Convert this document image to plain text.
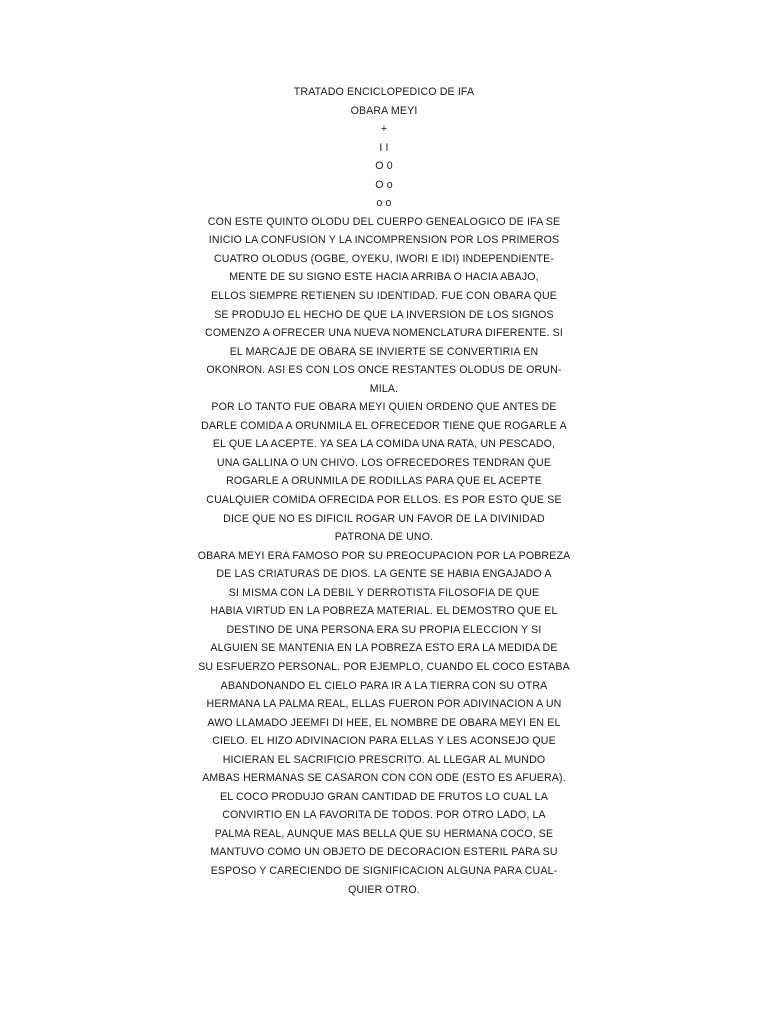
TRATADO ENCICLOPEDICO DE IFA
OBARA MEYI
+
I I
O 0
O o
o o
CON ESTE QUINTO OLODU DEL CUERPO GENEALOGICO DE IFA SE
INICIO LA CONFUSION Y LA INCOMPRENSION POR LOS PRIMEROS
CUATRO OLODUS (OGBE, OYEKU, IWORI E IDI) INDEPENDIENTE-
MENTE DE SU SIGNO ESTE HACIA ARRIBA O HACIA ABAJO,
ELLOS SIEMPRE RETIENEN SU IDENTIDAD. FUE CON OBARA QUE
SE PRODUJO EL HECHO DE QUE LA INVERSION DE LOS SIGNOS
COMENZO A OFRECER UNA NUEVA NOMENCLATURA DIFERENTE. SI
EL MARCAJE DE OBARA SE INVIERTE SE CONVERTIRIA EN
OKONRON. ASI ES CON LOS ONCE RESTANTES OLODUS DE ORUN-
MILA.
POR LO TANTO FUE OBARA MEYI QUIEN ORDENO QUE ANTES DE
DARLE COMIDA A ORUNMILA EL OFRECEDOR TIENE QUE ROGARLE A
EL QUE LA ACEPTE. YA SEA LA COMIDA UNA RATA, UN PESCADO,
UNA GALLINA O UN CHIVO. LOS OFRECEDORES TENDRAN QUE
ROGARLE A ORUNMILA DE RODILLAS PARA QUE EL ACEPTE
CUALQUIER COMIDA OFRECIDA POR ELLOS. ES POR ESTO QUE SE
DICE QUE NO ES DIFICIL ROGAR UN FAVOR DE LA DIVINIDAD
PATRONA DE UNO.
OBARA MEYI ERA FAMOSO POR SU PREOCUPACION POR LA POBREZA
DE LAS CRIATURAS DE DIOS. LA GENTE SE HABIA ENGAJADO A
SI MISMA CON LA DEBIL Y DERROTISTA FILOSOFIA DE QUE
HABIA VIRTUD EN LA POBREZA MATERIAL. EL DEMOSTRO QUE EL
DESTINO DE UNA PERSONA ERA SU PROPIA ELECCION Y SI
ALGUIEN SE MANTENIA EN LA POBREZA ESTO ERA LA MEDIDA DE
SU ESFUERZO PERSONAL. POR EJEMPLO, CUANDO EL COCO ESTABA
ABANDONANDO EL CIELO PARA IR A LA TIERRA CON SU OTRA
HERMANA LA PALMA REAL, ELLAS FUERON POR ADIVINACION A UN
AWO LLAMADO JEEMFI DI HEE, EL NOMBRE DE OBARA MEYI EN EL
CIELO. EL HIZO ADIVINACION PARA ELLAS Y LES ACONSEJO QUE
HICIERAN EL SACRIFICIO PRESCRITO. AL LLEGAR AL MUNDO
AMBAS HERMANAS SE CASARON CON CON ODE (ESTO ES AFUERA).
EL COCO PRODUJO GRAN CANTIDAD DE FRUTOS LO CUAL LA
CONVIRTIO EN LA FAVORITA DE TODOS. POR OTRO LADO, LA
PALMA REAL, AUNQUE MAS BELLA QUE SU HERMANA COCO, SE
MANTUVO COMO UN OBJETO DE DECORACION ESTERIL PARA SU
ESPOSO Y CARECIENDO DE SIGNIFICACION ALGUNA PARA CUAL-
QUIER OTRO.
